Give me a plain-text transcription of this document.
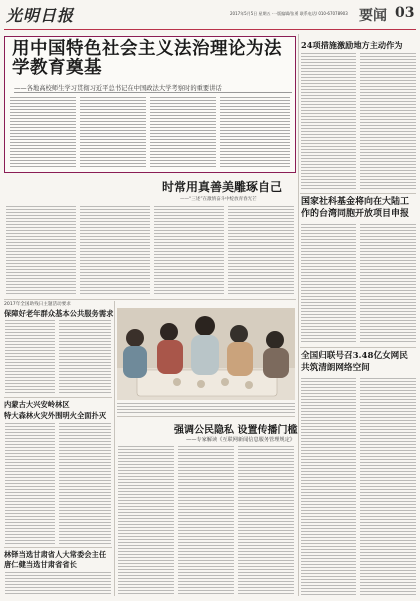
光明日报	2017年5月5日 星期五 ·一版编辑/张勇 联系电话/ 010-67078903 要闻 03
用中国特色社会主义法治理论为法学教育奠基
——各地高校师生学习贯彻习近平总书记在中国政法大学考察时的重要讲话
24项措施激励地方主动作为
国家社科基金将向在大陆工作的台湾同胞开放项目申报
全国归联号召3.48亿女网民共筑清朗网络空间
时常用真善美雕琢自己
——“三述”在激情奋斗中绽放青春光芒
2017年全国助残日主题活动要求
保障好老年群众基本公共服务需求
内蒙古大兴安岭林区
特大森林火灾外围明火全面扑灭
林铎当选甘肃省人大常委会主任
唐仁健当选甘肃省省长
强调公民隐私 设置传播门槛
——专家解读《互联网新闻信息服务管理规定》
